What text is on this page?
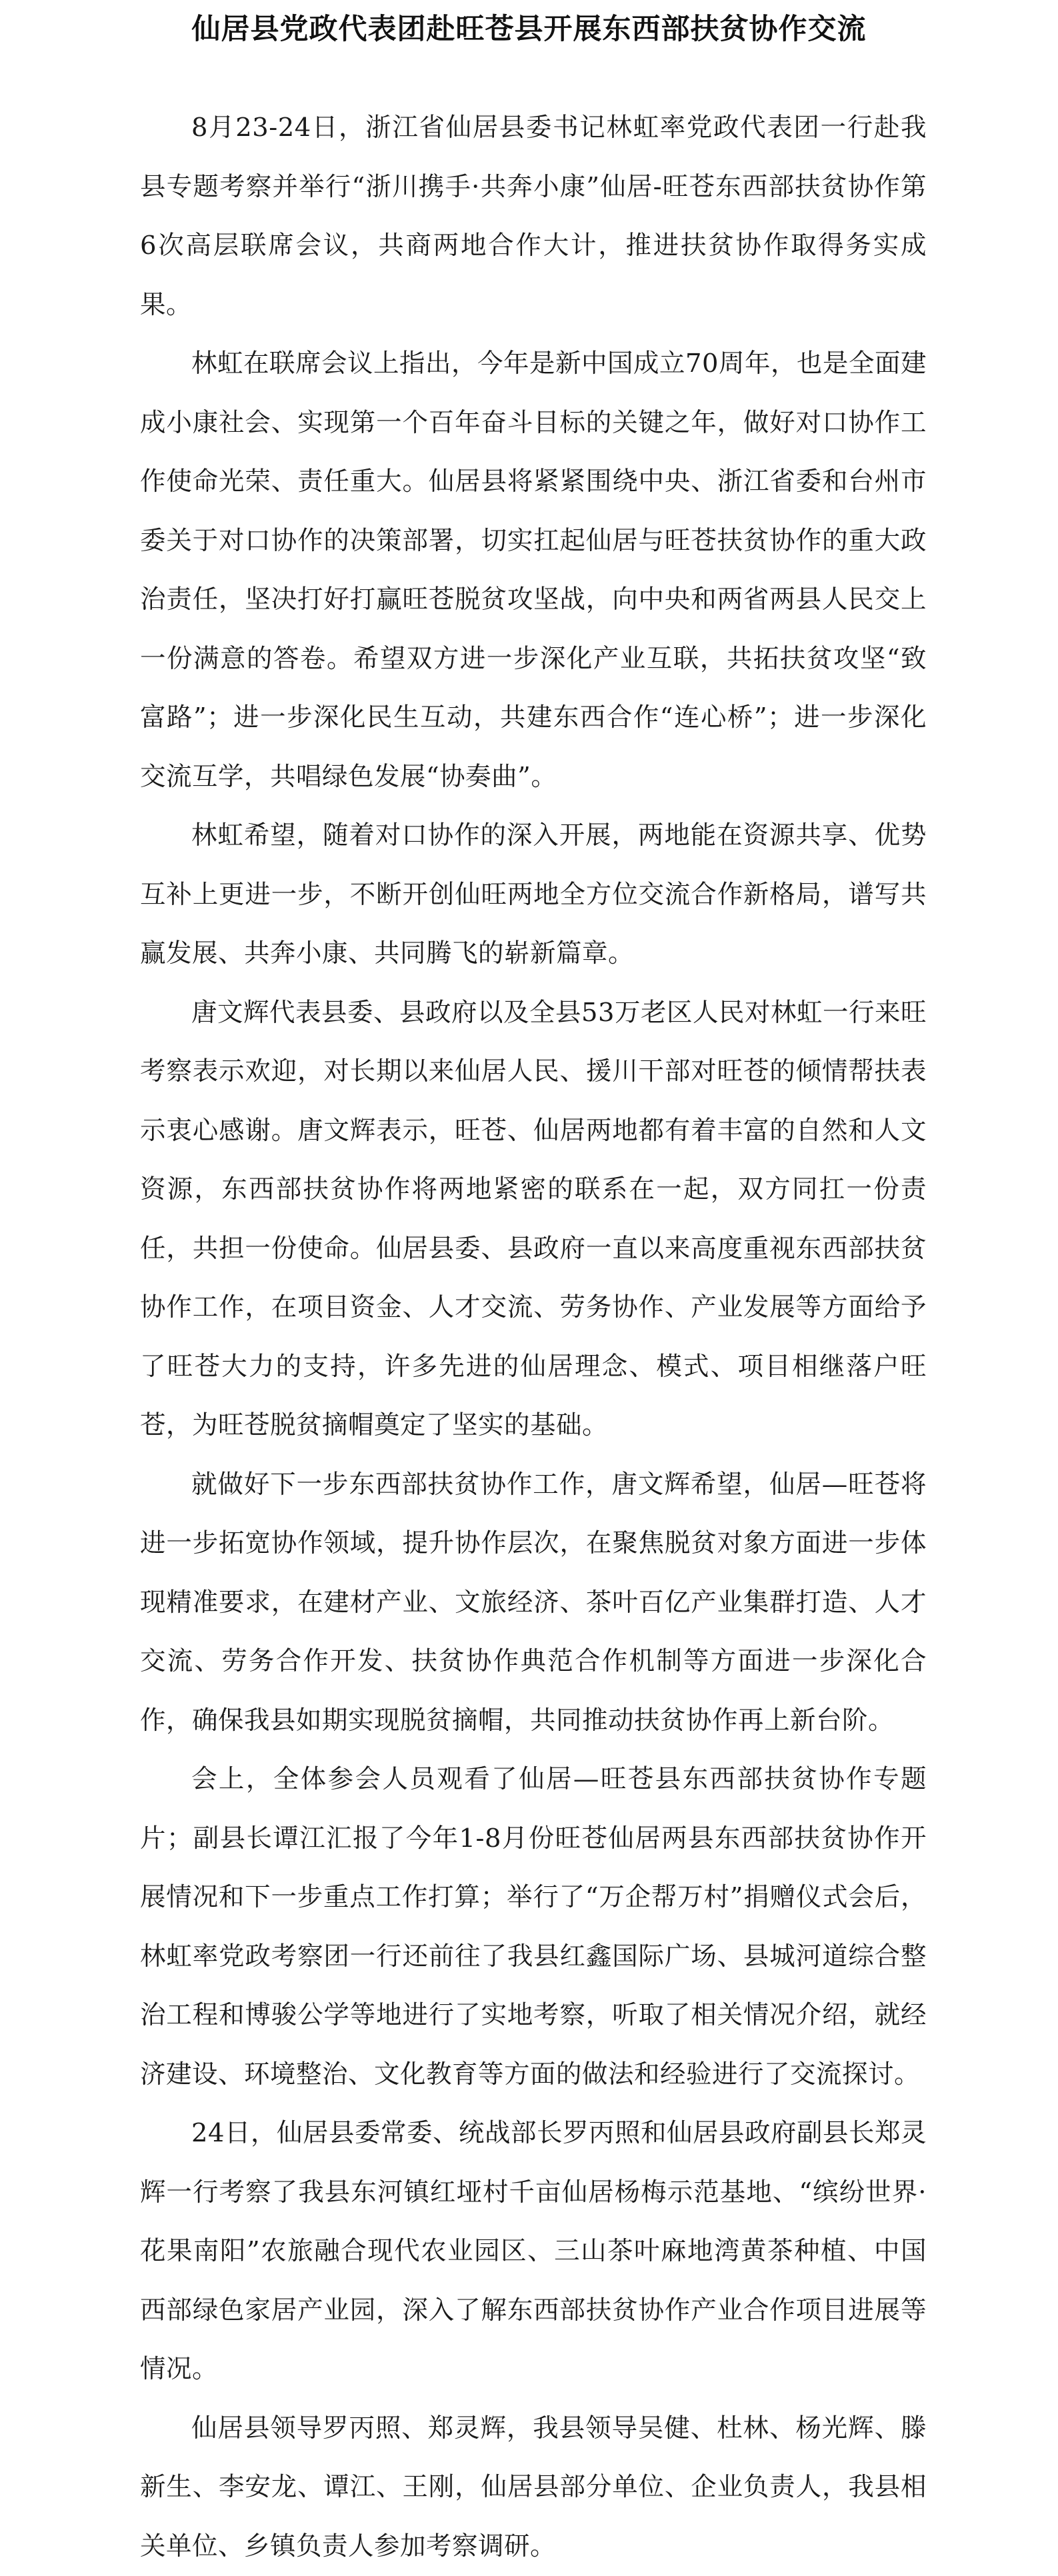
仙居县党政代表团赴旺苍县开展东西部扶贫协作交流

8月23-24日，浙江省仙居县委书记林虹率党政代表团一行赴我县专题考察并举行“浙川携手·共奔小康”仙居-旺苍东西部扶贫协作第6次高层联席会议，共商两地合作大计，推进扶贫协作取得务实成果。

林虹在联席会议上指出，今年是新中国成立70周年，也是全面建成小康社会、实现第一个百年奋斗目标的关键之年，做好对口协作工作使命光荣、责任重大。仙居县将紧紧围绕中央、浙江省委和台州市委关于对口协作的决策部署，切实扛起仙居与旺苍扶贫协作的重大政治责任，坚决打好打赢旺苍脱贫攻坚战，向中央和两省两县人民交上一份满意的答卷。希望双方进一步深化产业互联，共拓扶贫攻坚“致富路”；进一步深化民生互动，共建东西合作“连心桥”；进一步深化交流互学，共唱绿色发展“协奏曲”。

林虹希望，随着对口协作的深入开展，两地能在资源共享、优势互补上更进一步，不断开创仙旺两地全方位交流合作新格局，谱写共赢发展、共奔小康、共同腾飞的崭新篇章。

唐文辉代表县委、县政府以及全县53万老区人民对林虹一行来旺考察表示欢迎，对长期以来仙居人民、援川干部对旺苍的倾情帮扶表示衷心感谢。唐文辉表示，旺苍、仙居两地都有着丰富的自然和人文资源，东西部扶贫协作将两地紧密的联系在一起，双方同扛一份责任，共担一份使命。仙居县委、县政府一直以来高度重视东西部扶贫协作工作，在项目资金、人才交流、劳务协作、产业发展等方面给予了旺苍大力的支持，许多先进的仙居理念、模式、项目相继落户旺苍，为旺苍脱贫摘帽奠定了坚实的基础。

就做好下一步东西部扶贫协作工作，唐文辉希望，仙居—旺苍将进一步拓宽协作领域，提升协作层次，在聚焦脱贫对象方面进一步体现精准要求，在建材产业、文旅经济、茶叶百亿产业集群打造、人才交流、劳务合作开发、扶贫协作典范合作机制等方面进一步深化合作，确保我县如期实现脱贫摘帽，共同推动扶贫协作再上新台阶。

会上，全体参会人员观看了仙居—旺苍县东西部扶贫协作专题片；副县长谭江汇报了今年1-8月份旺苍仙居两县东西部扶贫协作开展情况和下一步重点工作打算；举行了“万企帮万村”捐赠仪式会后，林虹率党政考察团一行还前往了我县红鑫国际广场、县城河道综合整治工程和博骏公学等地进行了实地考察，听取了相关情况介绍，就经济建设、环境整治、文化教育等方面的做法和经验进行了交流探讨。

24日，仙居县委常委、统战部长罗丙照和仙居县政府副县长郑灵辉一行考察了我县东河镇红垭村千亩仙居杨梅示范基地、“缤纷世界·花果南阳”农旅融合现代农业园区、三山茶叶麻地湾黄茶种植、中国西部绿色家居产业园，深入了解东西部扶贫协作产业合作项目进展等情况。

仙居县领导罗丙照、郑灵辉，我县领导吴健、杜林、杨光辉、滕新生、李安龙、谭江、王刚，仙居县部分单位、企业负责人，我县相关单位、乡镇负责人参加考察调研。
